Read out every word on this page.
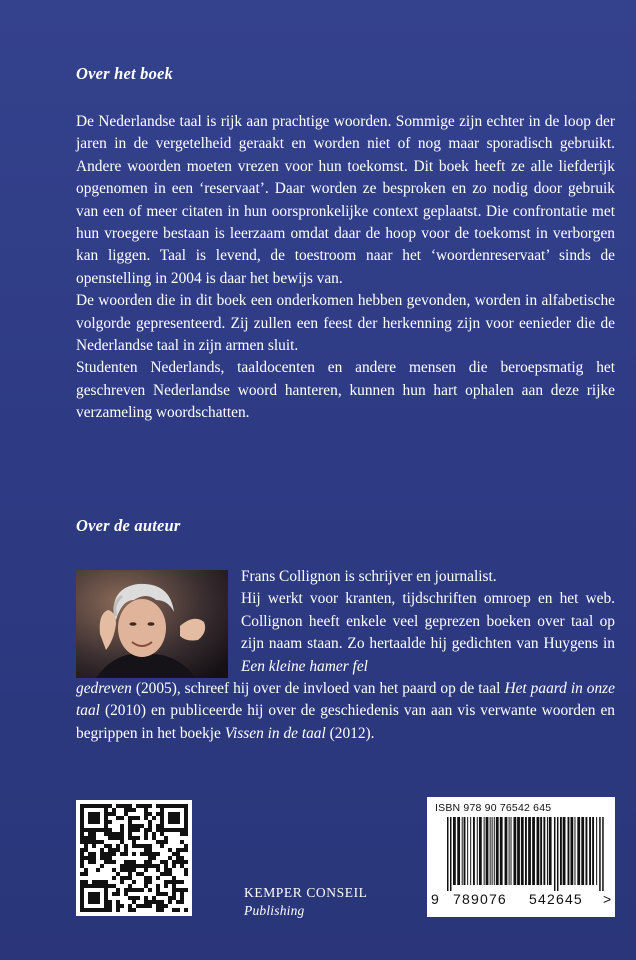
Over het boek

De Nederlandse taal is rijk aan prachtige woorden. Sommige zijn echter in de loop der jaren in de vergetelheid geraakt en worden niet of nog maar sporadisch gebruikt. Andere woorden moeten vrezen voor hun toekomst. Dit boek heeft ze alle liefderijk opgenomen in een ‘reservaat’. Daar worden ze besproken en zo nodig door gebruik van een of meer citaten in hun oorspronkelijke context geplaatst. Die confrontatie met hun vroegere bestaan is leerzaam omdat daar de hoop voor de toekomst in verborgen kan liggen. Taal is levend, de toestroom naar het ‘woordenreservaat’ sinds de openstelling in 2004 is daar het bewijs van.

De woorden die in dit boek een onderkomen hebben gevonden, worden in alfabetische volgorde gepresenteerd. Zij zullen een feest der herkenning zijn voor eenieder die de Nederlandse taal in zijn armen sluit.

Studenten Nederlands, taaldocenten en andere mensen die beroepsmatig het geschreven Nederlandse woord hanteren, kunnen hun hart ophalen aan deze rijke verzameling woordschatten.

Over de auteur

Frans Collignon is schrijver en journalist.

Hij werkt voor kranten, tijdschriften omroep en het web. Collignon heeft enkele veel geprezen boeken over taal op zijn naam staan. Zo hertaalde hij gedichten van Huygens in Een kleine hamer fel

gedreven (2005), schreef hij over de invloed van het paard op de taal Het paard in onze taal (2010) en publiceerde hij over de geschiedenis van aan vis verwante woorden en begrippen in het boekje Vissen in de taal (2012).

KEMPER CONSEIL
Publishing
ISBN 978 90 76542 645
9 789076 542645 >
